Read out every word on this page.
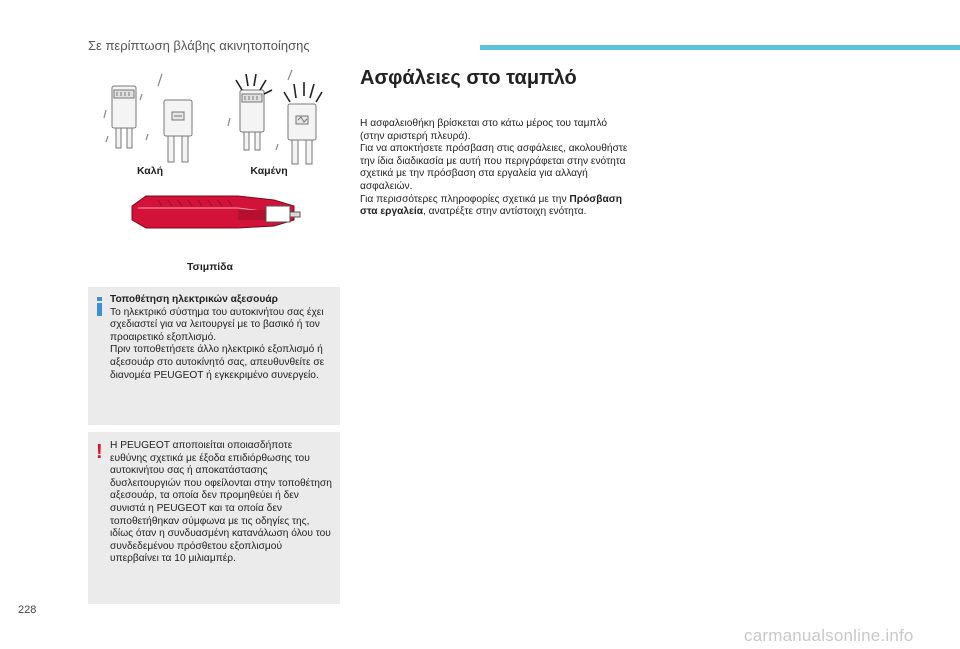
Σε περίπτωση βλάβης ακινητοποίησης
Καλή	Καμένη
Τσιμπίδα

Τοποθέτηση ηλεκτρικών αξεσουάρ

Το ηλεκτρικό σύστημα του αυτοκινήτου σας έχει σχεδιαστεί για να λειτουργεί με το βασικό ή τον προαιρετικό εξοπλισμό.

Πριν τοποθετήσετε άλλο ηλεκτρικό εξοπλισμό ή αξεσουάρ στο αυτοκίνητό σας, απευθυνθείτε σε διανομέα PEUGEOT ή εγκεκριμένο συνεργείο.

! Η PEUGEOT αποποιείται οποιασδήποτε ευθύνης σχετικά με έξοδα επιδιόρθωσης του αυτοκινήτου σας ή αποκατάστασης δυσλειτουργιών που οφείλονται στην τοποθέτηση αξεσουάρ, τα οποία δεν προμηθεύει ή δεν συνιστά η PEUGEOT και τα οποία δεν τοποθετήθηκαν σύμφωνα με τις οδηγίες της, ιδίως όταν η συνδυασμένη κατανάλωση όλου του συνδεδεμένου πρόσθετου εξοπλισμού υπερβαίνει τα 10 μιλιαμπέρ.

Ασφάλειες στο ταμπλό

Η ασφαλειοθήκη βρίσκεται στο κάτω μέρος του ταμπλό (στην αριστερή πλευρά).

Για να αποκτήσετε πρόσβαση στις ασφάλειες, ακολουθήστε την ίδια διαδικασία με αυτή που περιγράφεται στην ενότητα σχετικά με την πρόσβαση στα εργαλεία για αλλαγή ασφαλειών.

Για περισσότερες πληροφορίες σχετικά με την Πρόσβαση στα εργαλεία, ανατρέξτε στην αντίστοιχη ενότητα.

228
carmanualsonline.info
